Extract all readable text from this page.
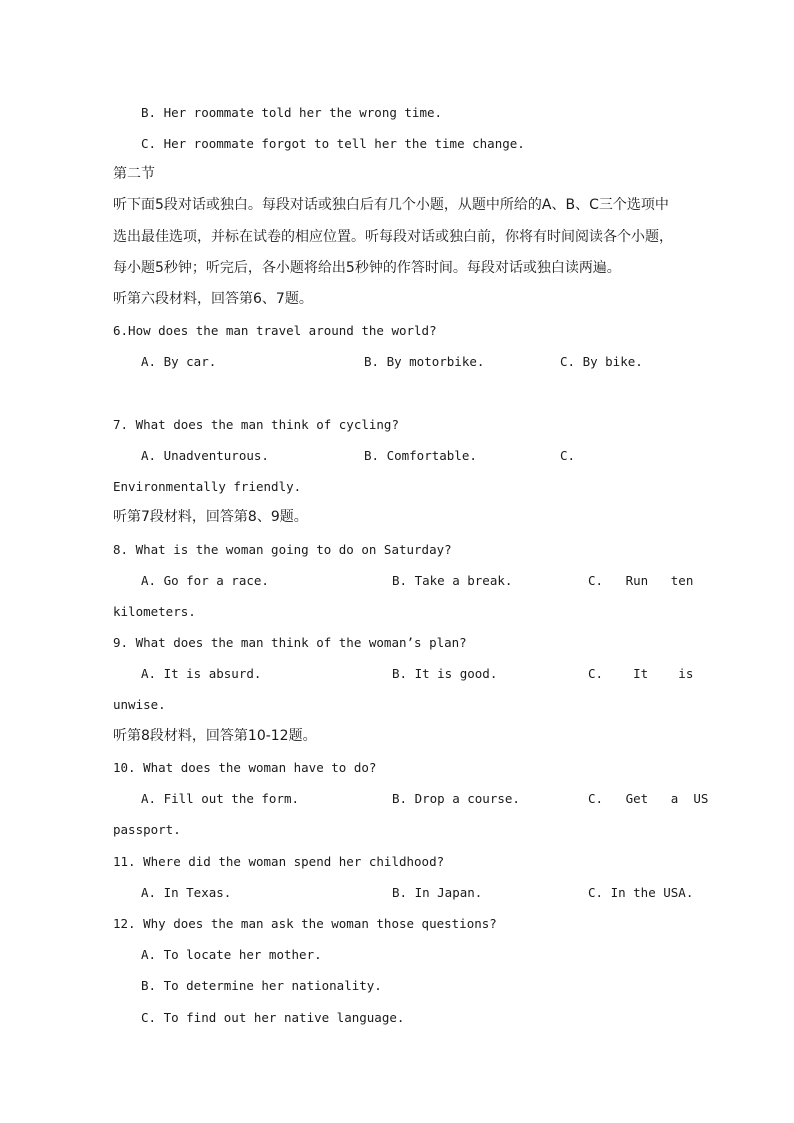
B. Her roommate told her the wrong time.
C. Her roommate forgot to tell her the time change.
第二节
听下面5段对话或独白。每段对话或独白后有几个小题，从题中所给的A、B、C三个选项中
选出最佳选项，并标在试卷的相应位置。听每段对话或独白前，你将有时间阅读各个小题，
每小题5秒钟；听完后，各小题将给出5秒钟的作答时间。每段对话或独白读两遍。
听第六段材料，回答第6、7题。
6.How does the man travel around the world?
A. By car.	B. By motorbike.	C. By bike.
7. What does the man think of cycling?
A. Unadventurous.	B. Comfortable.	C.
Environmentally friendly.
听第7段材料，回答第8、9题。
8. What is the woman going to do on Saturday?
A. Go for a race.	B. Take a break.	C.   Run   ten
kilometers.
9. What does the man think of the woman’s plan?
A. It is absurd.	B. It is good.	C.    It    is
unwise.
听第8段材料，回答第10-12题。
10. What does the woman have to do?
A. Fill out the form.	B. Drop a course.	C.   Get   a  US
passport.
11. Where did the woman spend her childhood?
A. In Texas.	B. In Japan.	C. In the USA.
12. Why does the man ask the woman those questions?
A. To locate her mother.
B. To determine her nationality.
C. To find out her native language.
